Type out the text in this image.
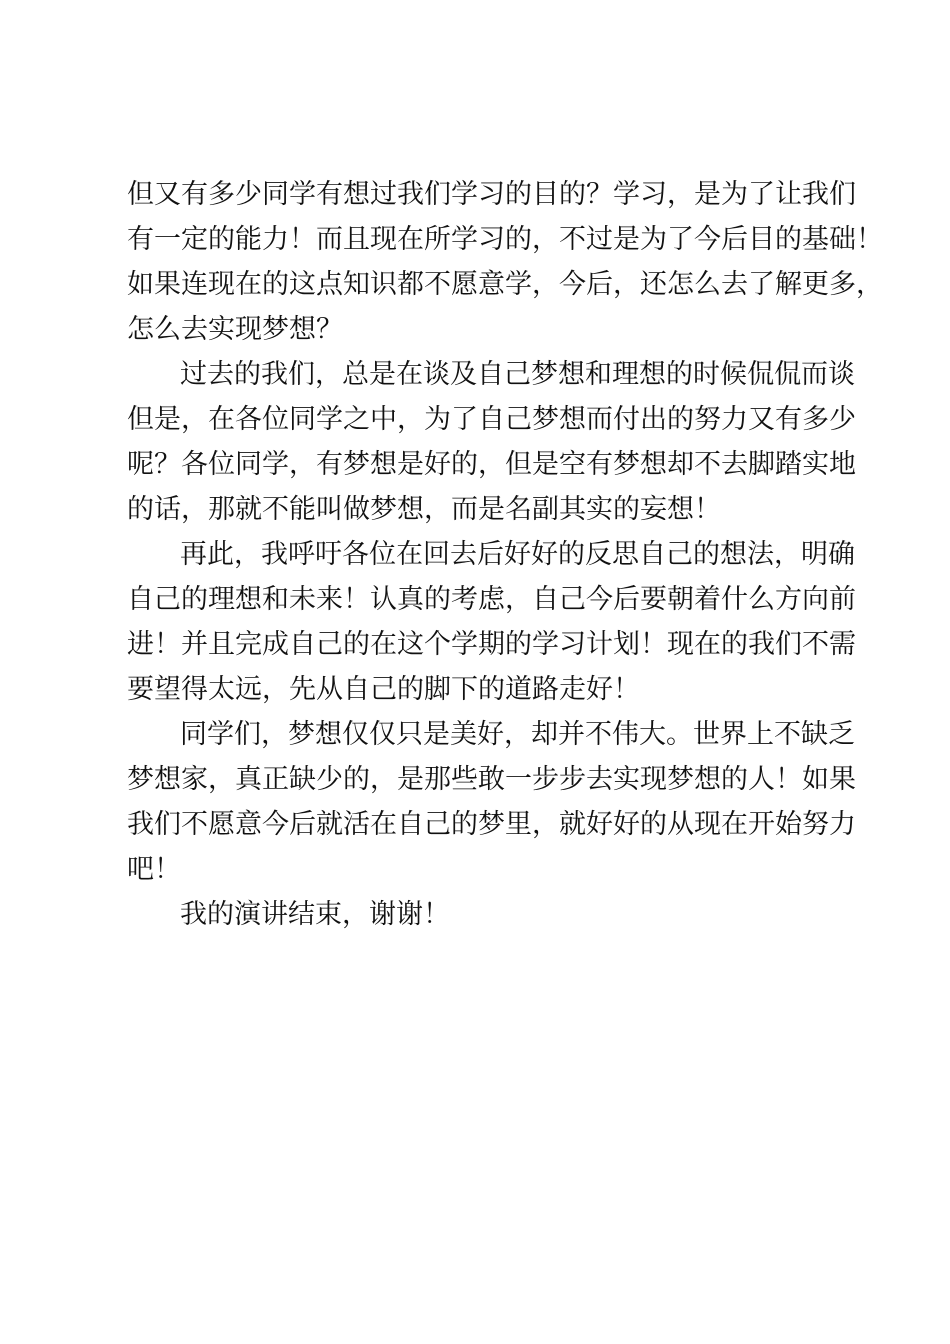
但又有多少同学有想过我们学习的目的？学习，是为了让我们
有一定的能力！而且现在所学习的，不过是为了今后目的基础！
如果连现在的这点知识都不愿意学，今后，还怎么去了解更多，
怎么去实现梦想？
过去的我们，总是在谈及自己梦想和理想的时候侃侃而谈
但是，在各位同学之中，为了自己梦想而付出的努力又有多少
呢？各位同学，有梦想是好的，但是空有梦想却不去脚踏实地
的话，那就不能叫做梦想，而是名副其实的妄想！
再此，我呼吁各位在回去后好好的反思自己的想法，明确
自己的理想和未来！认真的考虑，自己今后要朝着什么方向前
进！并且完成自己的在这个学期的学习计划！现在的我们不需
要望得太远，先从自己的脚下的道路走好！
同学们，梦想仅仅只是美好，却并不伟大。世界上不缺乏
梦想家，真正缺少的，是那些敢一步步去实现梦想的人！如果
我们不愿意今后就活在自己的梦里，就好好的从现在开始努力
吧！
我的演讲结束，谢谢！
